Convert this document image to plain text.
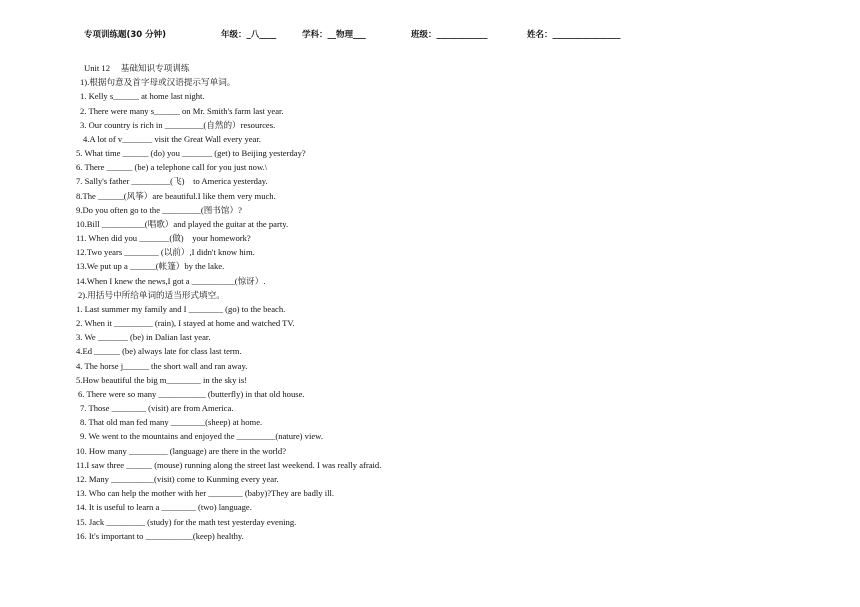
专项训练题(30 分钟)	年级：_八____	学科：__物理___	班级：____________	姓名：________________
Unit 12　 基础知识专项训练
1).根据句意及首字母或汉语提示写单词。
1. Kelly s______ at home last night.
2. There were many s______ on Mr. Smith's farm last year.
3. Our country is rich in _________(自然的）resources.
4.A lot of v_______ visit the Great Wall every year.
5. What time ______ (do) you _______ (get) to Beijing yesterday?
6. There ______ (be) a telephone call for you just now.\
7. Sally's father _________(飞)　to America yesterday.
8.The ______(风筝）are beautiful.I like them very much.
9.Do you often go to the _________(图书馆）?
10.Bill __________(唱歌）and played the guitar at the party.
11. When did you _______(做)　your homework?
12.Two years ________ (以前）,I didn't know him.
13.We put up a ______(帐篷）by the lake.
14.When I knew the news,I got a __________(惊讶）.
2).用括号中所给单词的适当形式填空。
1. Last summer my family and I ________ (go) to the beach.
2. When it _________ (rain), I stayed at home and watched TV.
3. We _______ (be) in Dalian last year.
4.Ed ______ (be) always late for class last term.
4. The horse j______ the short wall and ran away.
5.How beautiful the big m________ in the sky is!
6. There were so many ___________ (butterfly) in that old house.
7. Those ________ (visit) are from America.
8. That old man fed many ________(sheep) at home.
9. We went to the mountains and enjoyed the _________(nature) view.
10. How many _________ (language) are there in the world?
11.I saw three ______ (mouse) running along the street last weekend. I was really afraid.
12. Many __________(visit) come to Kunming every year.
13. Who can help the mother with her ________ (baby)?They are badly ill.
14. It is useful to learn a ________ (two) language.
15. Jack _________ (study) for the math test yesterday evening.
16. It's important to ___________(keep) healthy.
